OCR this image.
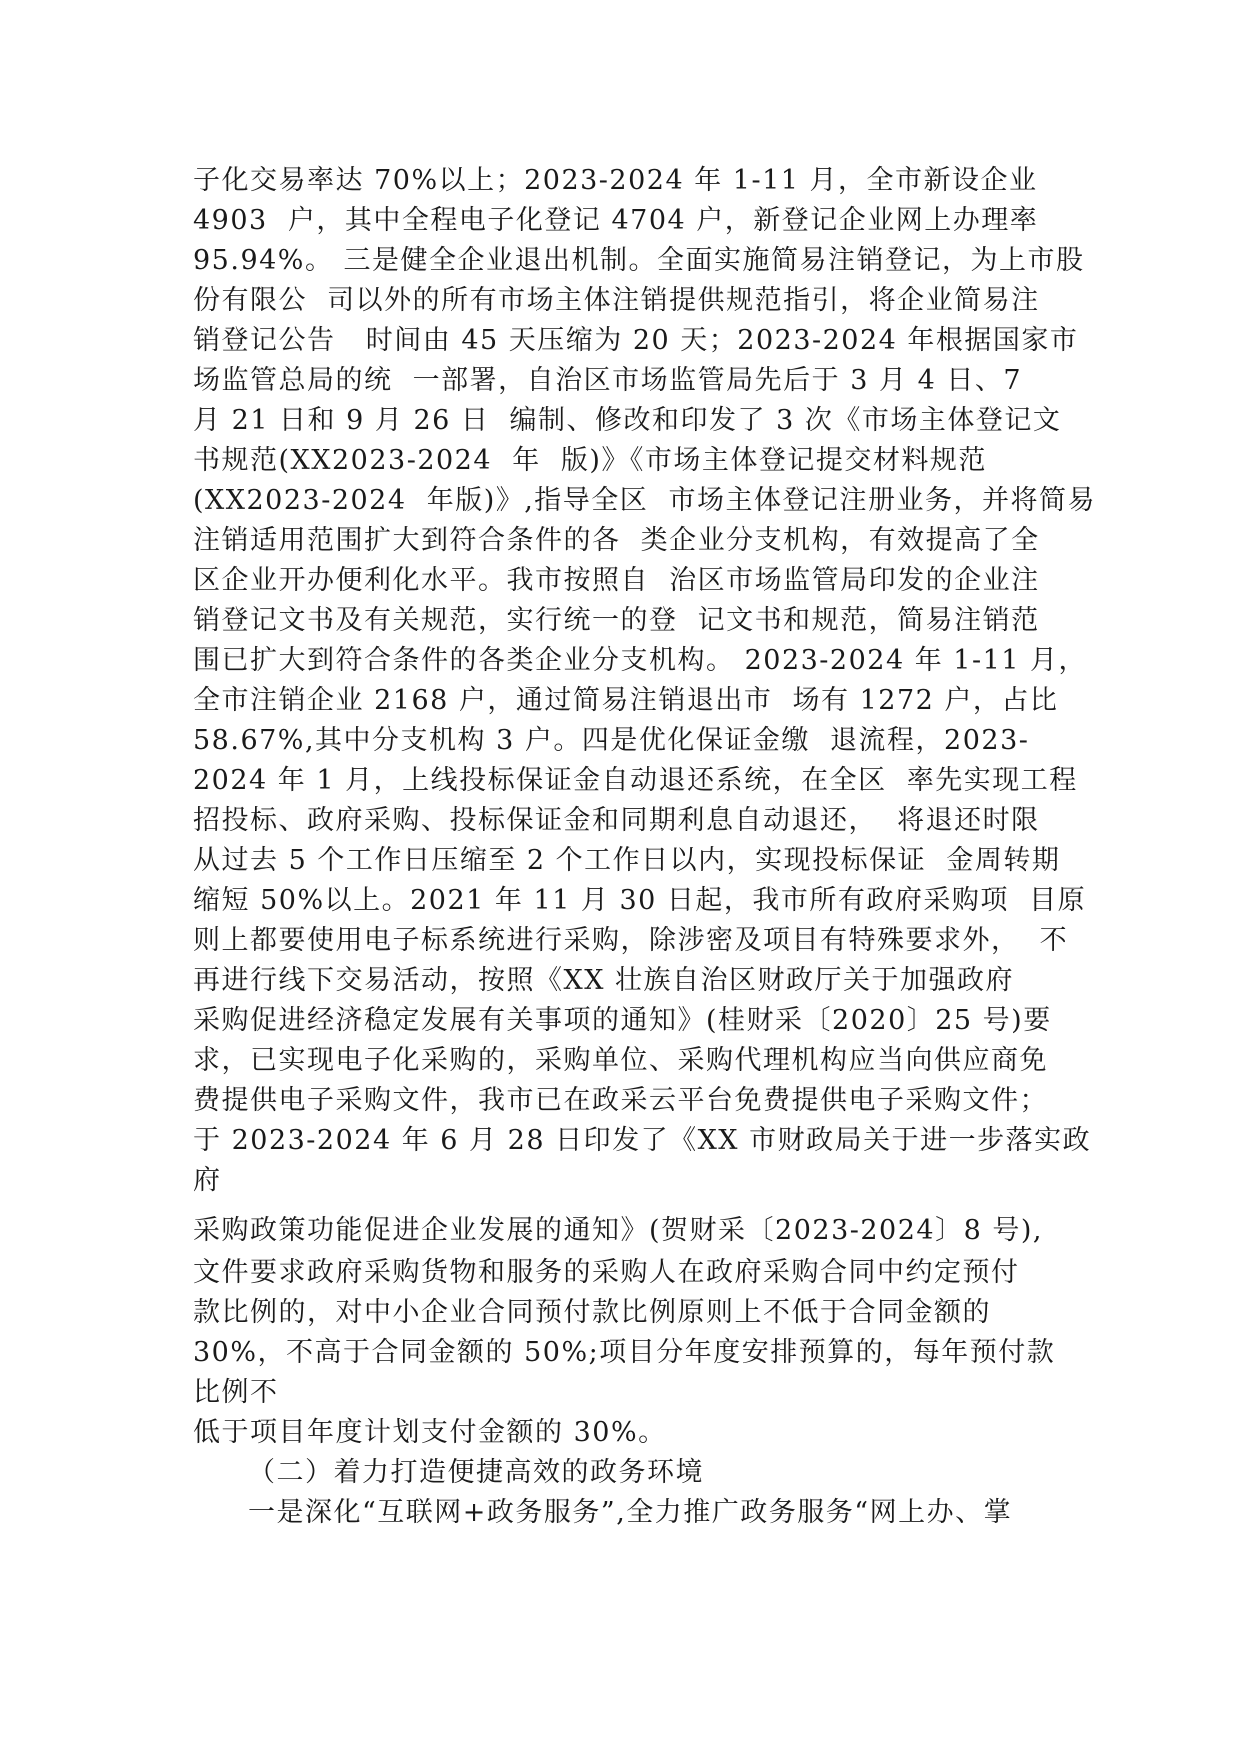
子化交易率达 70%以上；2023-2024 年 1-11 月，全市新设企业
4903  户，其中全程电子化登记 4704 户，新登记企业网上办理率
95.94%。 三是健全企业退出机制。全面实施简易注销登记，为上市股
份有限公  司以外的所有市场主体注销提供规范指引，将企业简易注
销登记公告   时间由 45 天压缩为 20 天；2023-2024 年根据国家市
场监管总局的统  一部署，自治区市场监管局先后于 3 月 4 日、7
月 21 日和 9 月 26 日  编制、修改和印发了 3 次《市场主体登记文
书规范(XX2023-2024  年  版)》《市场主体登记提交材料规范
(XX2023-2024  年版)》,指导全区  市场主体登记注册业务，并将简易
注销适用范围扩大到符合条件的各  类企业分支机构，有效提高了全
区企业开办便利化水平。我市按照自  治区市场监管局印发的企业注
销登记文书及有关规范，实行统一的登  记文书和规范，简易注销范
围已扩大到符合条件的各类企业分支机构。 2023-2024 年 1-11 月，
全市注销企业 2168 户，通过简易注销退出市  场有 1272 户，占比
58.67%,其中分支机构 3 户。四是优化保证金缴  退流程，2023-
2024 年 1 月，上线投标保证金自动退还系统，在全区  率先实现工程
招投标、政府采购、投标保证金和同期利息自动退还，  将退还时限
从过去 5 个工作日压缩至 2 个工作日以内，实现投标保证  金周转期
缩短 50%以上。2021 年 11 月 30 日起，我市所有政府采购项  目原
则上都要使用电子标系统进行采购，除涉密及项目有特殊要求外，  不
再进行线下交易活动，按照《XX 壮族自治区财政厅关于加强政府
采购促进经济稳定发展有关事项的通知》(桂财采〔2020〕25 号)要
求，已实现电子化采购的，采购单位、采购代理机构应当向供应商免
费提供电子采购文件，我市已在政采云平台免费提供电子采购文件；
于 2023-2024 年 6 月 28 日印发了《XX 市财政局关于进一步落实政
府
采购政策功能促进企业发展的通知》(贺财采〔2023-2024〕8 号),
文件要求政府采购货物和服务的采购人在政府采购合同中约定预付
款比例的，对中小企业合同预付款比例原则上不低于合同金额的
30%，不高于合同金额的 50%;项目分年度安排预算的，每年预付款
比例不
低于项目年度计划支付金额的 30%。
（二）着力打造便捷高效的政务环境
一是深化“互联网+政务服务”,全力推广政务服务“网上办、掌
